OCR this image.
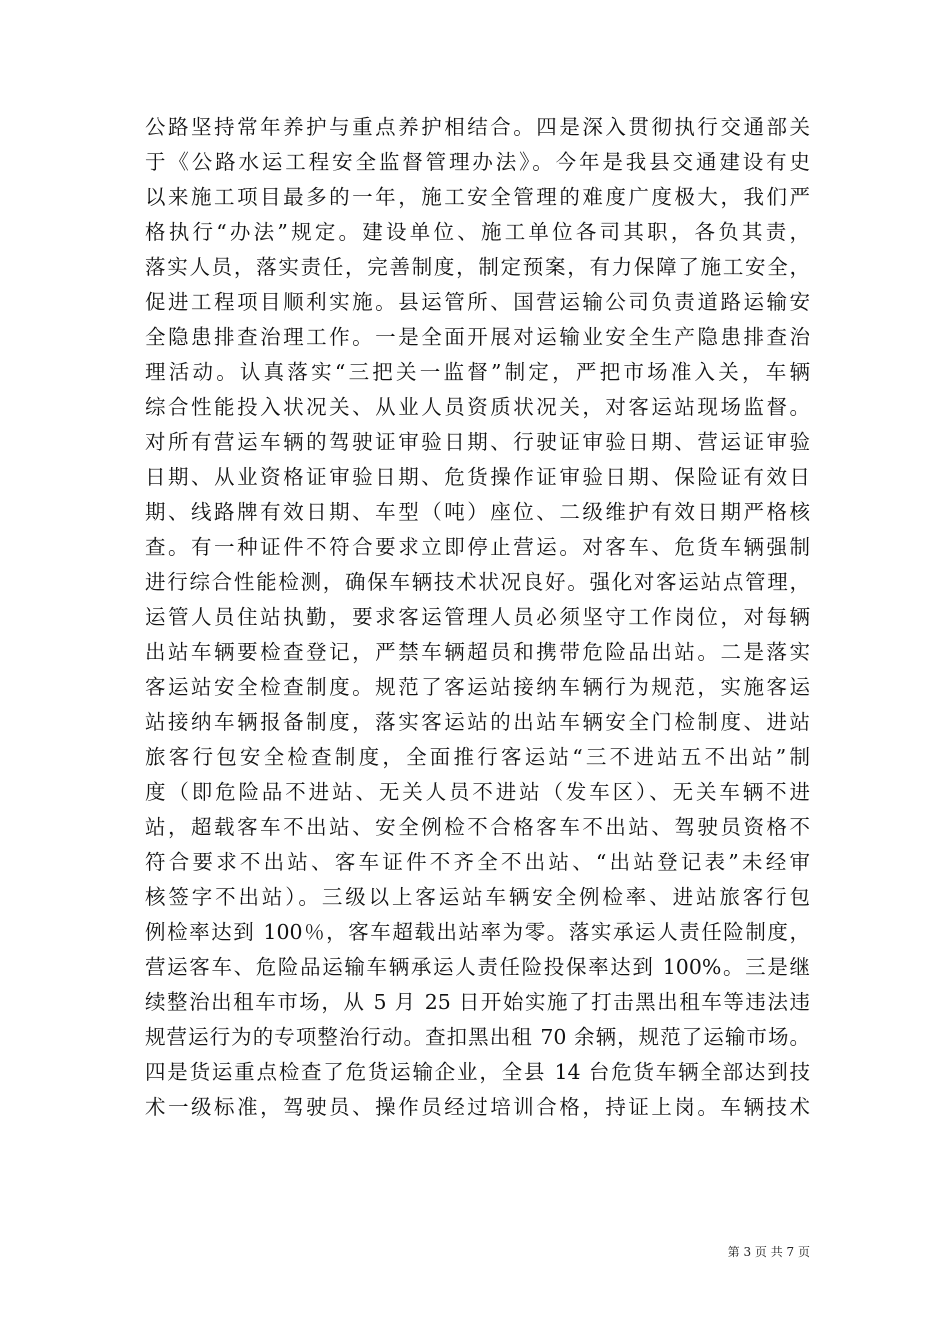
公路坚持常年养护与重点养护相结合。四是深入贯彻执行交通部关
于《公路水运工程安全监督管理办法》。今年是我县交通建设有史
以来施工项目最多的一年，施工安全管理的难度广度极大，我们严
格执行“办法”规定。建设单位、施工单位各司其职，各负其责，
落实人员，落实责任，完善制度，制定预案，有力保障了施工安全，
促进工程项目顺利实施。县运管所、国营运输公司负责道路运输安
全隐患排查治理工作。一是全面开展对运输业安全生产隐患排查治
理活动。认真落实“三把关一监督”制定，严把市场准入关，车辆
综合性能投入状况关、从业人员资质状况关，对客运站现场监督。
对所有营运车辆的驾驶证审验日期、行驶证审验日期、营运证审验
日期、从业资格证审验日期、危货操作证审验日期、保险证有效日
期、线路牌有效日期、车型（吨）座位、二级维护有效日期严格核
查。有一种证件不符合要求立即停止营运。对客车、危货车辆强制
进行综合性能检测，确保车辆技术状况良好。强化对客运站点管理，
运管人员住站执勤，要求客运管理人员必须坚守工作岗位，对每辆
出站车辆要检查登记，严禁车辆超员和携带危险品出站。二是落实
客运站安全检查制度。规范了客运站接纳车辆行为规范，实施客运
站接纳车辆报备制度，落实客运站的出站车辆安全门检制度、进站
旅客行包安全检查制度，全面推行客运站“三不进站五不出站”制
度（即危险品不进站、无关人员不进站（发车区）、无关车辆不进
站，超载客车不出站、安全例检不合格客车不出站、驾驶员资格不
符合要求不出站、客车证件不齐全不出站、“出站登记表”未经审
核签字不出站）。三级以上客运站车辆安全例检率、进站旅客行包
例检率达到 100％，客车超载出站率为零。落实承运人责任险制度，
营运客车、危险品运输车辆承运人责任险投保率达到 100%。三是继
续整治出租车市场，从 5 月 25 日开始实施了打击黑出租车等违法违
规营运行为的专项整治行动。查扣黑出租 70 余辆，规范了运输市场。
四是货运重点检查了危货运输企业，全县 14 台危货车辆全部达到技
术一级标准，驾驶员、操作员经过培训合格，持证上岗。车辆技术
第 3 页 共 7 页
